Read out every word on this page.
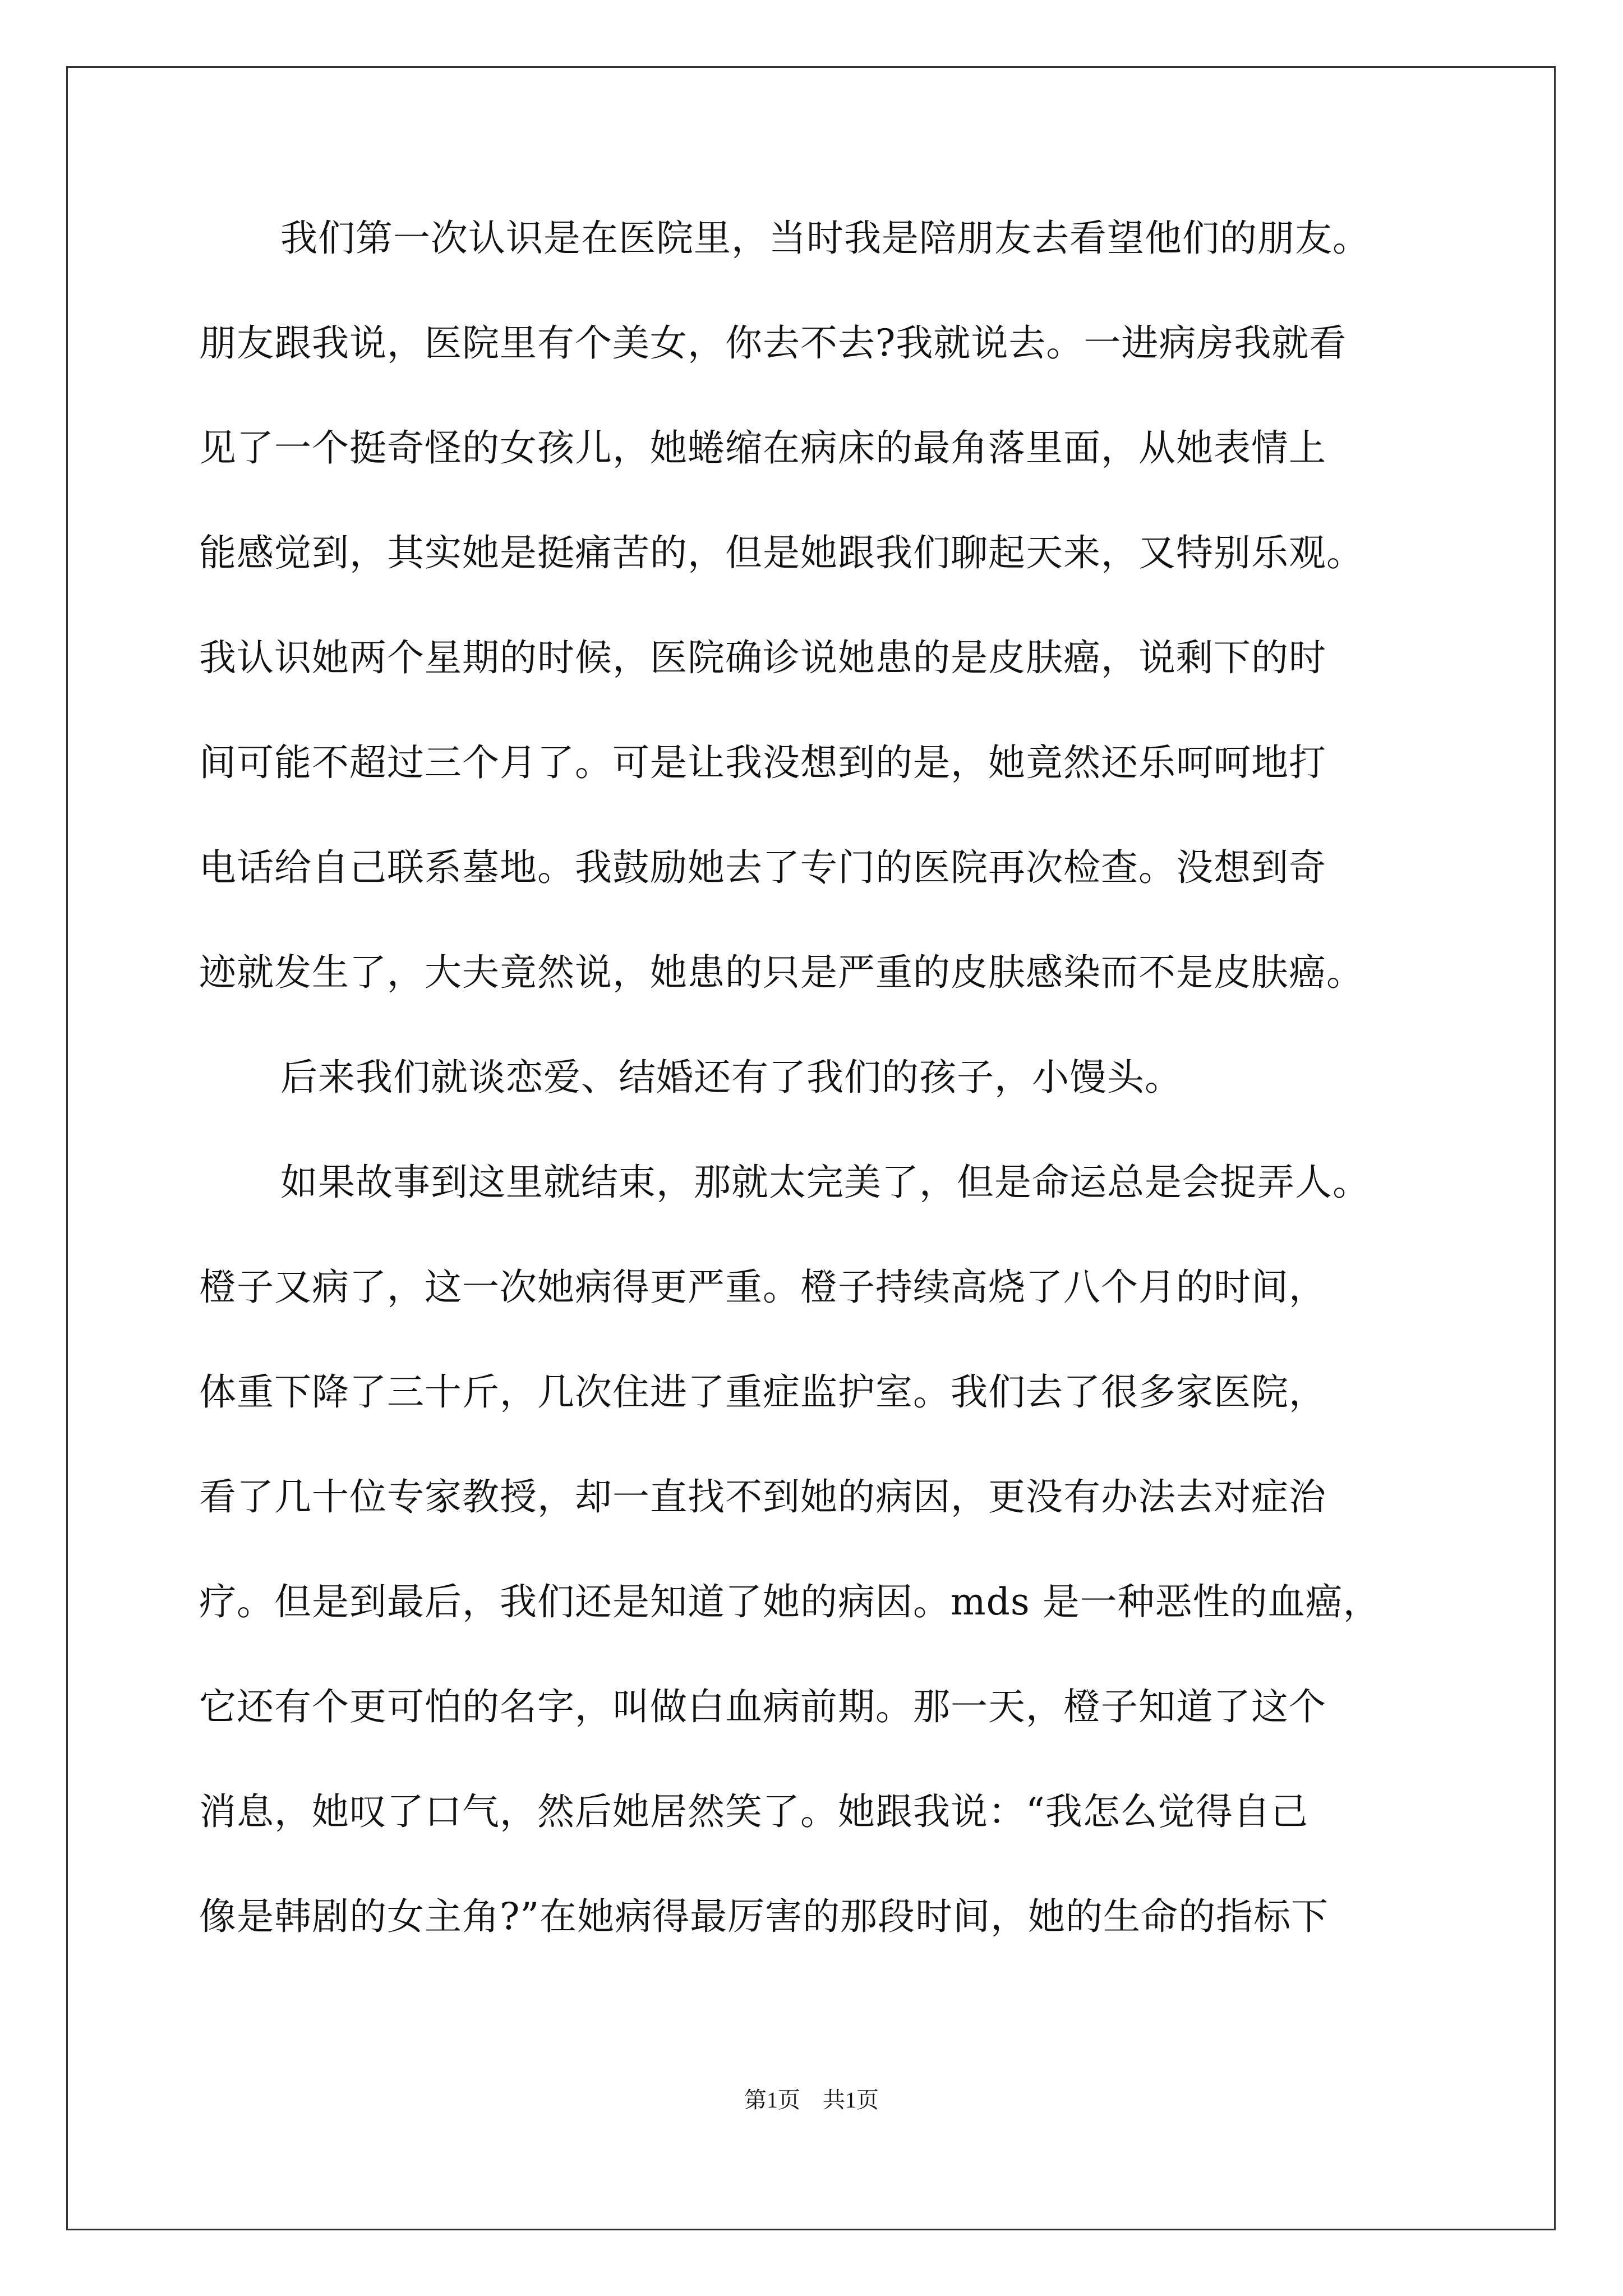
我们第一次认识是在医院里，当时我是陪朋友去看望他们的朋友。
朋友跟我说，医院里有个美女，你去不去?我就说去。一进病房我就看
见了一个挺奇怪的女孩儿，她蜷缩在病床的最角落里面，从她表情上
能感觉到，其实她是挺痛苦的，但是她跟我们聊起天来，又特别乐观。
我认识她两个星期的时候，医院确诊说她患的是皮肤癌，说剩下的时
间可能不超过三个月了。可是让我没想到的是，她竟然还乐呵呵地打
电话给自己联系墓地。我鼓励她去了专门的医院再次检查。没想到奇
迹就发生了，大夫竟然说，她患的只是严重的皮肤感染而不是皮肤癌。
后来我们就谈恋爱、结婚还有了我们的孩子，小馒头。
如果故事到这里就结束，那就太完美了，但是命运总是会捉弄人。
橙子又病了，这一次她病得更严重。橙子持续高烧了八个月的时间，
体重下降了三十斤，几次住进了重症监护室。我们去了很多家医院，
看了几十位专家教授，却一直找不到她的病因，更没有办法去对症治
疗。但是到最后，我们还是知道了她的病因。mds 是一种恶性的血癌，
它还有个更可怕的名字，叫做白血病前期。那一天，橙子知道了这个
消息，她叹了口气，然后她居然笑了。她跟我说：“我怎么觉得自己
像是韩剧的女主角?”在她病得最厉害的那段时间，她的生命的指标下
第1页　共1页
